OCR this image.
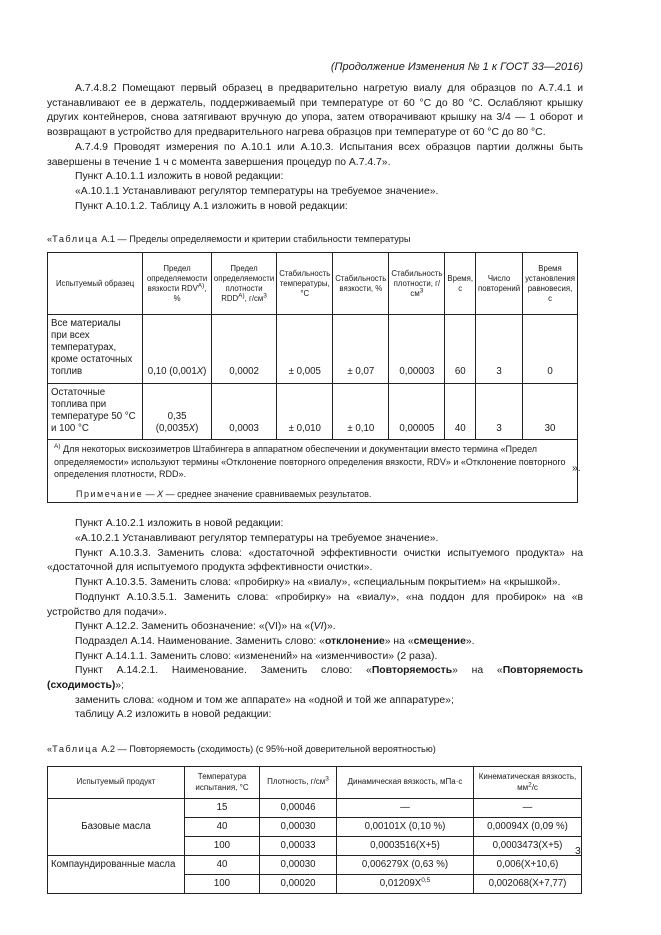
(Продолжение Изменения № 1 к ГОСТ 33—2016)

А.7.4.8.2 Помещают первый образец в предварительно нагретую виалу для образцов по А.7.4.1 и устанавливают ее в держатель, поддерживаемый при температуре от 60 °С до 80 °С. Ослабляют крышку других контейнеров, снова затягивают вручную до упора, затем отворачивают крышку на 3/4 — 1 оборот и возвращают в устройство для предварительного нагрева образцов при температуре от 60 °С до 80 °С.

А.7.4.9 Проводят измерения по А.10.1 или А.10.3. Испытания всех образцов партии должны быть завершены в течение 1 ч с момента завершения процедур по А.7.4.7».

Пункт А.10.1.1 изложить в новой редакции:

«А.10.1.1 Устанавливают регулятор температуры на требуемое значение».

Пункт А.10.1.2. Таблицу А.1 изложить в новой редакции:

«Таблица А.1 — Пределы определяемости и критерии стабильности температуры
Испытуемый образец	Предел определяемости вязкости $RDV^{А)}$, %	Предел определяемости плотности $RDD^{А)}$, $г/см^3$	Стабильность температуры, °С	Стабильность вязкости, %	Стабильность плотности, $г/см^3$	Время, с	Число повторений	Время установления равновесия, с
Все материалы при всех температурах, кроме остаточных топлив	0,10 (0,001X)	0,0002	± 0,005	± 0,07	0,00003	60	3	0
Остаточные топлива при температуре 50 °С и 100 °С	0,35 (0,0035X)	0,0003	± 0,010	± 0,10	0,00005	40	3	30
$^{А)}$ Для некоторых вискозиметров Штабингера в аппаратном обеспечении и документации вместо термина «Предел определяемости» используют термины «Отклонение повторного определения вязкости, RDV» и «Отклонение повторного определения плотности, RDD».
Примечание — X — среднее значение сравниваемых результатов.								

Пункт А.10.2.1 изложить в новой редакции:

«А.10.2.1 Устанавливают регулятор температуры на требуемое значение».

Пункт А.10.3.3. Заменить слова: «достаточной эффективности очистки испытуемого продукта» на «достаточной для испытуемого продукта эффективности очистки».

Пункт А.10.3.5. Заменить слова: «пробирку» на «виалу», «специальным покрытием» на «крышкой».

Подпункт А.10.3.5.1. Заменить слова: «пробирку» на «виалу», «на поддон для пробирок» на «в устройство для подачи».

Пункт А.12.2. Заменить обозначение: «(VI)» на «(VI)».

Подраздел А.14. Наименование. Заменить слово: «отклонение» на «смещение».

Пункт А.14.1.1. Заменить слово: «изменений» на «изменчивости» (2 раза).

Пункт А.14.2.1. Наименование. Заменить слово: «Повторяемость» на «Повторяемость (сходимость)»;

заменить слова: «одном и том же аппарате» на «одной и той же аппаратуре»;

таблицу А.2 изложить в новой редакции:

«Таблица А.2 — Повторяемость (сходимость) (с 95%-ной доверительной вероятностью)
Испытуемый продукт	Температура испытания, °С	Плотность, $г/см^3$	Динамическая вязкость, мПа·с	Кинематическая вязкость, $мм^2/с$
Базовые масла	15	0,00046	—	—
	40	0,00030	0,00101X (0,10 %)	0,00094X (0,09 %)
	100	0,00033	0,0003516(X+5)	0,0003473(X+5)
Компаундированные масла	40	0,00030	0,006279X (0,63 %)	0,006(X+10,6)
	100	0,00020	$0,01209X^{0,5}$	0,002068(X+7,77)
».
3
